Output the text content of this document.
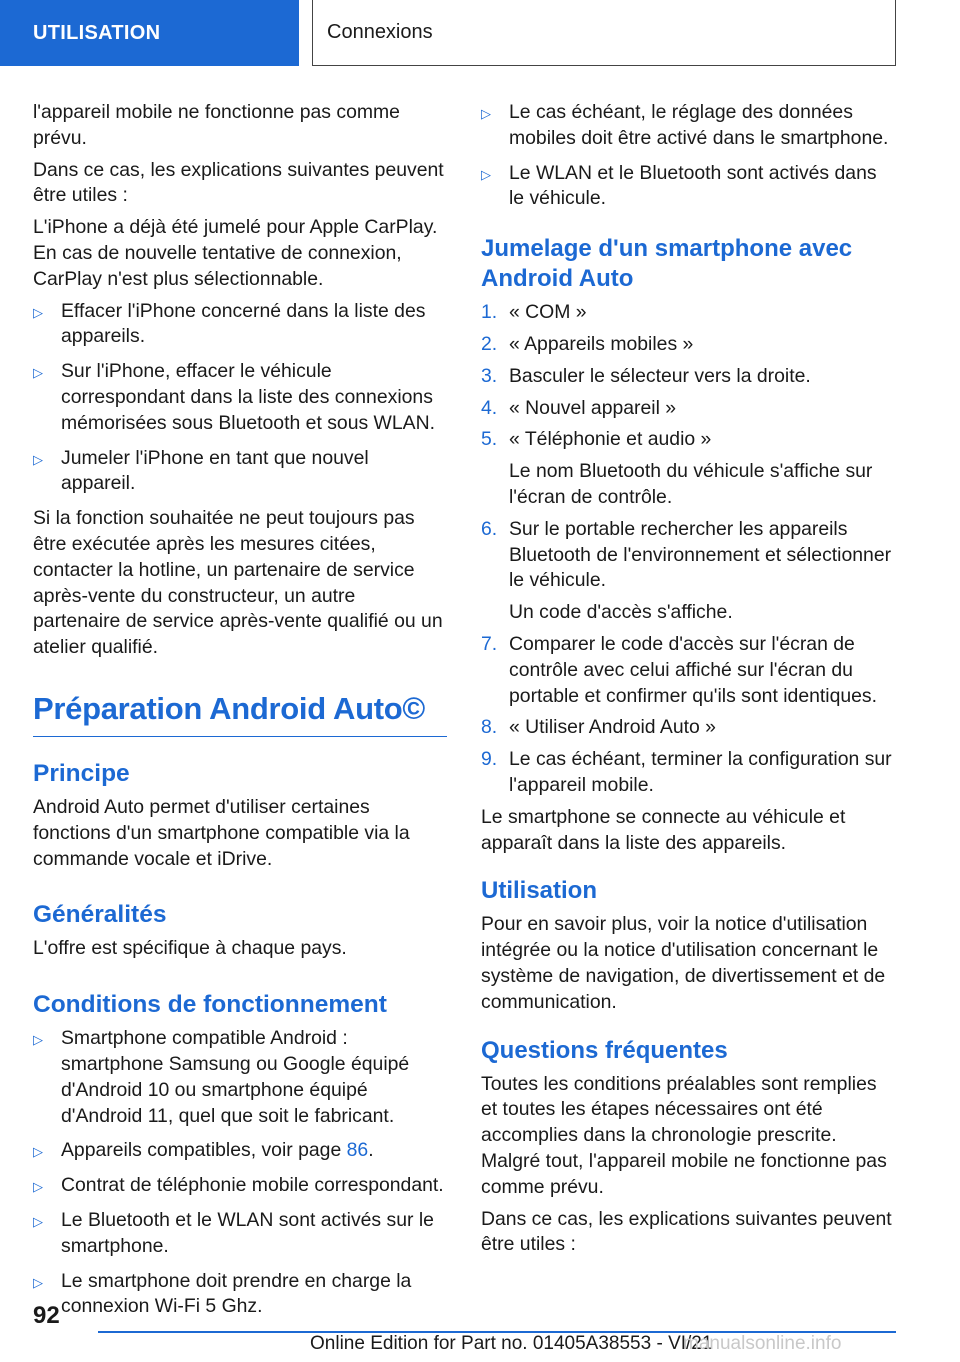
UTILISATION	Connexions

l'appareil mobile ne fonctionne pas comme prévu.

Dans ce cas, les explications suivantes peuvent être utiles :

L'iPhone a déjà été jumelé pour Apple CarPlay. En cas de nouvelle tentative de connexion, CarPlay n'est plus sélectionnable.

▷ Effacer l'iPhone concerné dans la liste des appareils.
▷ Sur l'iPhone, effacer le véhicule correspondant dans la liste des connexions mémorisées sous Bluetooth et sous WLAN.
▷ Jumeler l'iPhone en tant que nouvel appareil.

Si la fonction souhaitée ne peut toujours pas être exécutée après les mesures citées, contacter la hotline, un partenaire de service après-vente du constructeur, un autre partenaire de service après-vente qualifié ou un atelier qualifié.

Préparation Android Auto©
Principe

Android Auto permet d'utiliser certaines fonctions d'un smartphone compatible via la commande vocale et iDrive.

Généralités

L'offre est spécifique à chaque pays.

Conditions de fonctionnement
▷ Smartphone compatible Android : smartphone Samsung ou Google équipé d'Android 10 ou smartphone équipé d'Android 11, quel que soit le fabricant.
▷ Appareils compatibles, voir page 86.
▷ Contrat de téléphonie mobile correspondant.
▷ Le Bluetooth et le WLAN sont activés sur le smartphone.
▷ Le smartphone doit prendre en charge la connexion Wi-Fi 5 Ghz.
▷ Le cas échéant, le réglage des données mobiles doit être activé dans le smartphone.
▷ Le WLAN et le Bluetooth sont activés dans le véhicule.
Jumelage d'un smartphone avec Android Auto
1. « COM »
2. « Appareils mobiles »
3. Basculer le sélecteur vers la droite.
4. « Nouvel appareil »
5. « Téléphonie et audio »
Le nom Bluetooth du véhicule s'affiche sur l'écran de contrôle.
6. Sur le portable rechercher les appareils Bluetooth de l'environnement et sélectionner le véhicule.
Un code d'accès s'affiche.
7. Comparer le code d'accès sur l'écran de contrôle avec celui affiché sur l'écran du portable et confirmer qu'ils sont identiques.
8. « Utiliser Android Auto »
9. Le cas échéant, terminer la configuration sur l'appareil mobile.

Le smartphone se connecte au véhicule et apparaît dans la liste des appareils.

Utilisation

Pour en savoir plus, voir la notice d'utilisation intégrée ou la notice d'utilisation concernant le système de navigation, de divertissement et de communication.

Questions fréquentes

Toutes les conditions préalables sont remplies et toutes les étapes nécessaires ont été accomplies dans la chronologie prescrite. Malgré tout, l'appareil mobile ne fonctionne pas comme prévu.

Dans ce cas, les explications suivantes peuvent être utiles :

92
Online Edition for Part no. 01405A38553 - VI/21
manualsonline.info
